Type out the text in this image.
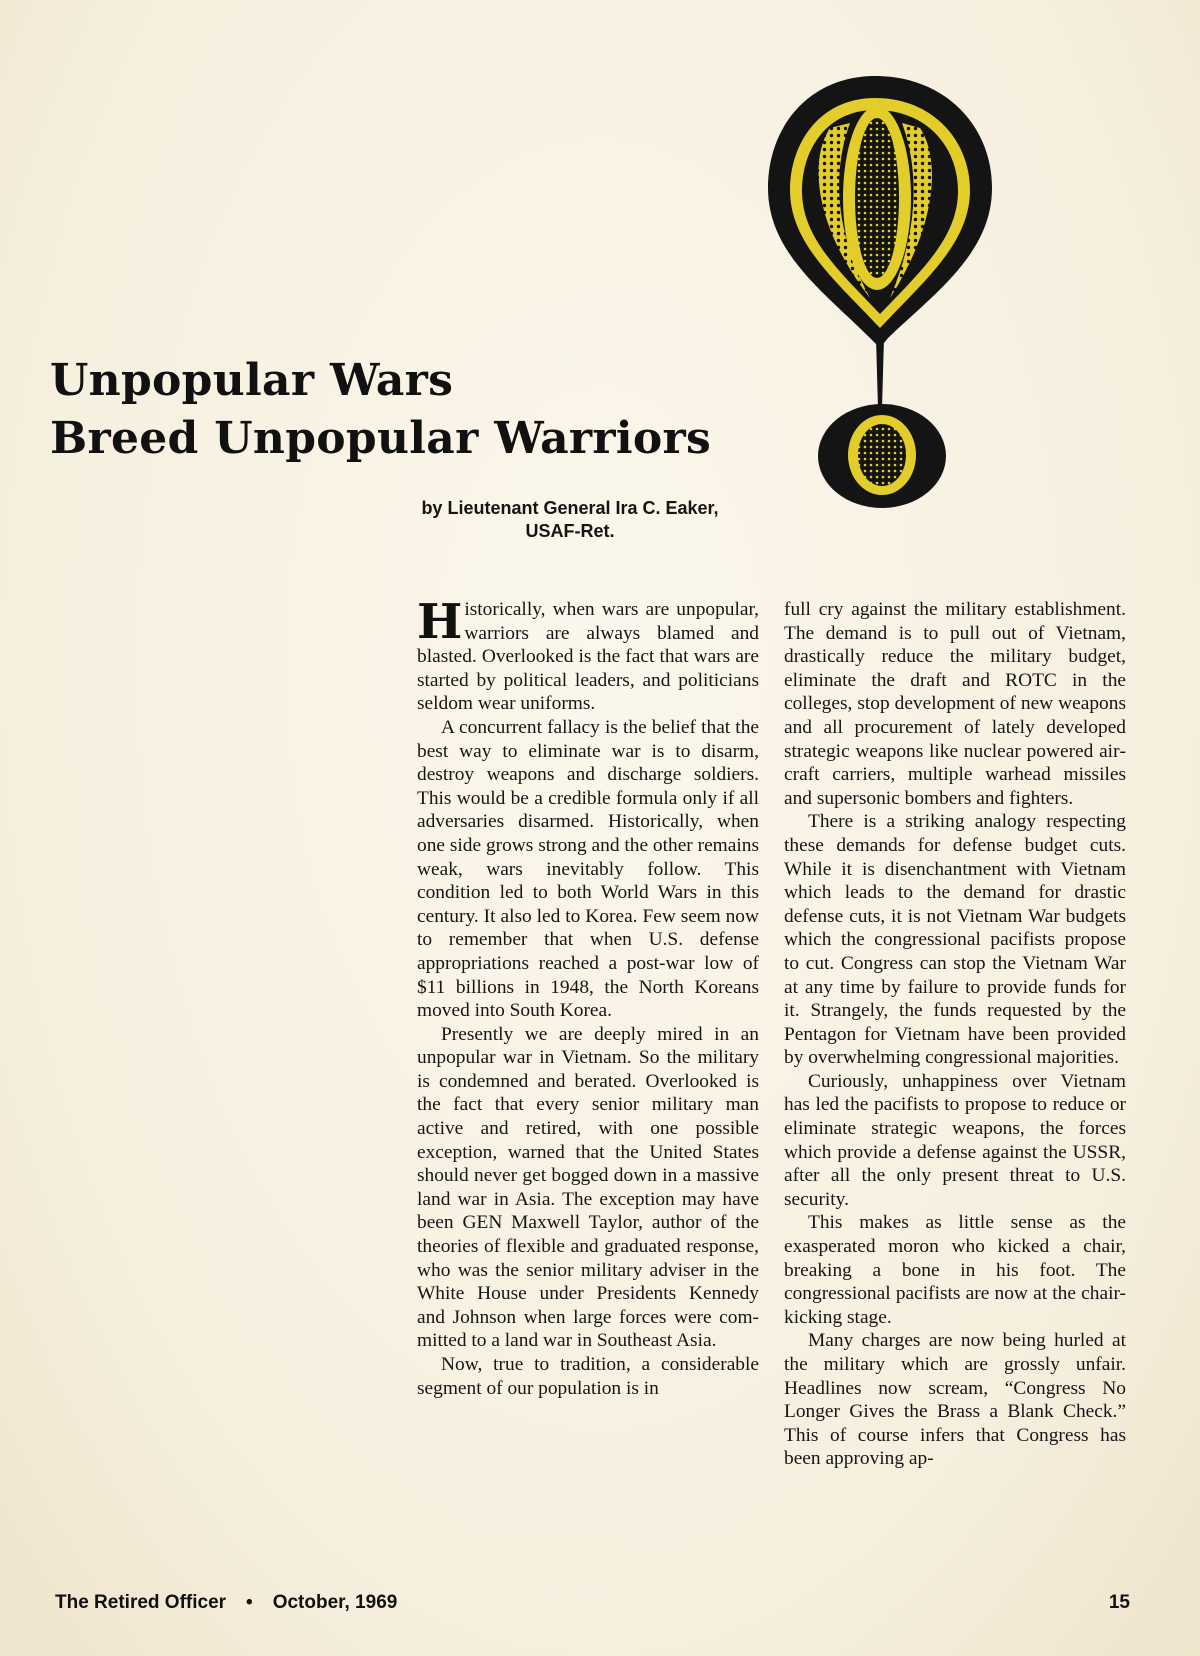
Unpopular Wars
Breed Unpopular Warriors
by Lieutenant General Ira C. Eaker,
USAF-Ret.

Historically, when wars are unpopular, warriors are always blamed and blasted. Overlooked is the fact that wars are started by political leaders, and politicians seldom wear uniforms.

A concurrent fallacy is the belief that the best way to eliminate war is to disarm, destroy weapons and discharge soldiers. This would be a credible formula only if all adversaries disarmed. Historically, when one side grows strong and the other remains weak, wars inevitably follow. This condition led to both World Wars in this century. It also led to Korea. Few seem now to remember that when U.S. defense appropriations reached a post-war low of $11 billions in 1948, the North Koreans moved into South Korea.

Presently we are deeply mired in an unpopular war in Vietnam. So the military is condemned and berated. Overlooked is the fact that every senior military man active and retired, with one possible exception, warned that the United States should never get bogged down in a massive land war in Asia. The exception may have been GEN Maxwell Taylor, author of the theories of flexible and graduated response, who was the senior military adviser in the White House under Presidents Kennedy and Johnson when large forces were committed to a land war in Southeast Asia.

Now, true to tradition, a considerable segment of our population is in

full cry against the military establishment. The demand is to pull out of Vietnam, drastically reduce the military budget, eliminate the draft and ROTC in the colleges, stop development of new weapons and all procurement of lately developed strategic weapons like nuclear powered aircraft carriers, multiple warhead missiles and supersonic bombers and fighters.

There is a striking analogy respecting these demands for defense budget cuts. While it is disenchantment with Vietnam which leads to the demand for drastic defense cuts, it is not Vietnam War budgets which the congressional pacifists propose to cut. Congress can stop the Vietnam War at any time by failure to provide funds for it. Strangely, the funds requested by the Pentagon for Vietnam have been provided by overwhelming congressional majorities.

Curiously, unhappiness over Vietnam has led the pacifists to propose to reduce or eliminate strategic weapons, the forces which provide a defense against the USSR, after all the only present threat to U.S. security.

This makes as little sense as the exasperated moron who kicked a chair, breaking a bone in his foot. The congressional pacifists are now at the chair-kicking stage.

Many charges are now being hurled at the military which are grossly unfair. Headlines now scream, “Congress No Longer Gives the Brass a Blank Check.” This of course infers that Congress has been approving ap-

The Retired Officer • October, 1969	15
